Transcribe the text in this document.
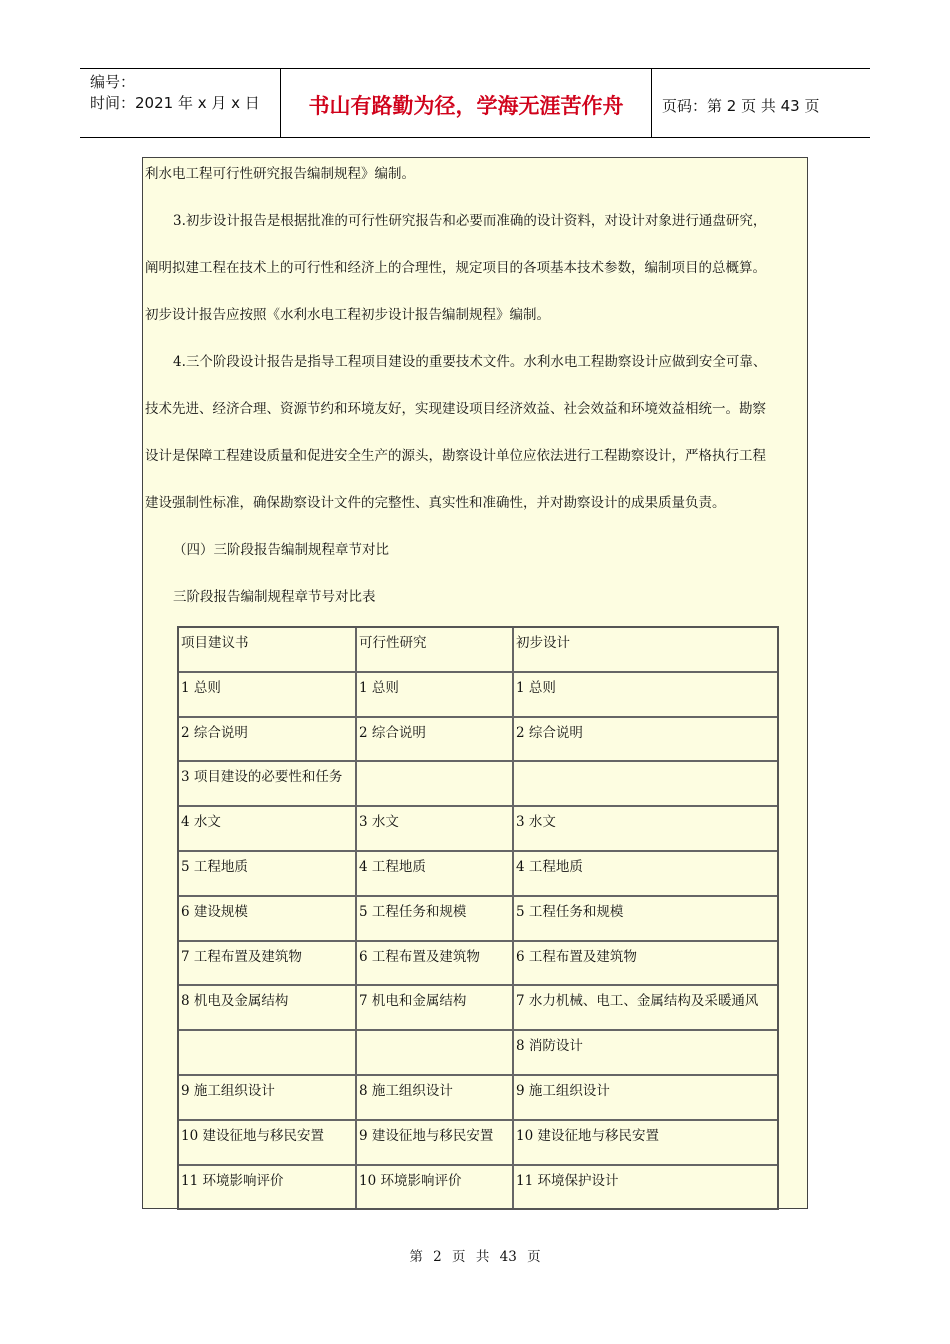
编号：
时间：2021 年 x 月 x 日	书山有路勤为径，学海无涯苦作舟	页码：第 2 页 共 43 页

利水电工程可行性研究报告编制规程》编制。

3.初步设计报告是根据批准的可行性研究报告和必要而准确的设计资料，对设计对象进行通盘研究，

阐明拟建工程在技术上的可行性和经济上的合理性，规定项目的各项基本技术参数，编制项目的总概算。

初步设计报告应按照《水利水电工程初步设计报告编制规程》编制。

4.三个阶段设计报告是指导工程项目建设的重要技术文件。水利水电工程勘察设计应做到安全可靠、

技术先进、经济合理、资源节约和环境友好，实现建设项目经济效益、社会效益和环境效益相统一。勘察

设计是保障工程建设质量和促进安全生产的源头，勘察设计单位应依法进行工程勘察设计，严格执行工程

建设强制性标准，确保勘察设计文件的完整性、真实性和准确性，并对勘察设计的成果质量负责。

（四）三阶段报告编制规程章节对比

三阶段报告编制规程章节号对比表

项目建议书	可行性研究	初步设计
1 总则	1 总则	1 总则
2 综合说明	2 综合说明	2 综合说明
3 项目建设的必要性和任务		
4 水文	3 水文	3 水文
5 工程地质	4 工程地质	4 工程地质
6 建设规模	5 工程任务和规模	5 工程任务和规模
7 工程布置及建筑物	6 工程布置及建筑物	6 工程布置及建筑物
8 机电及金属结构	7 机电和金属结构	7 水力机械、电工、金属结构及采暖通风
		8 消防设计
9 施工组织设计	8 施工组织设计	9 施工组织设计
10 建设征地与移民安置	9 建设征地与移民安置	10 建设征地与移民安置
11 环境影响评价	10 环境影响评价	11 环境保护设计
第 2 页 共 43 页
